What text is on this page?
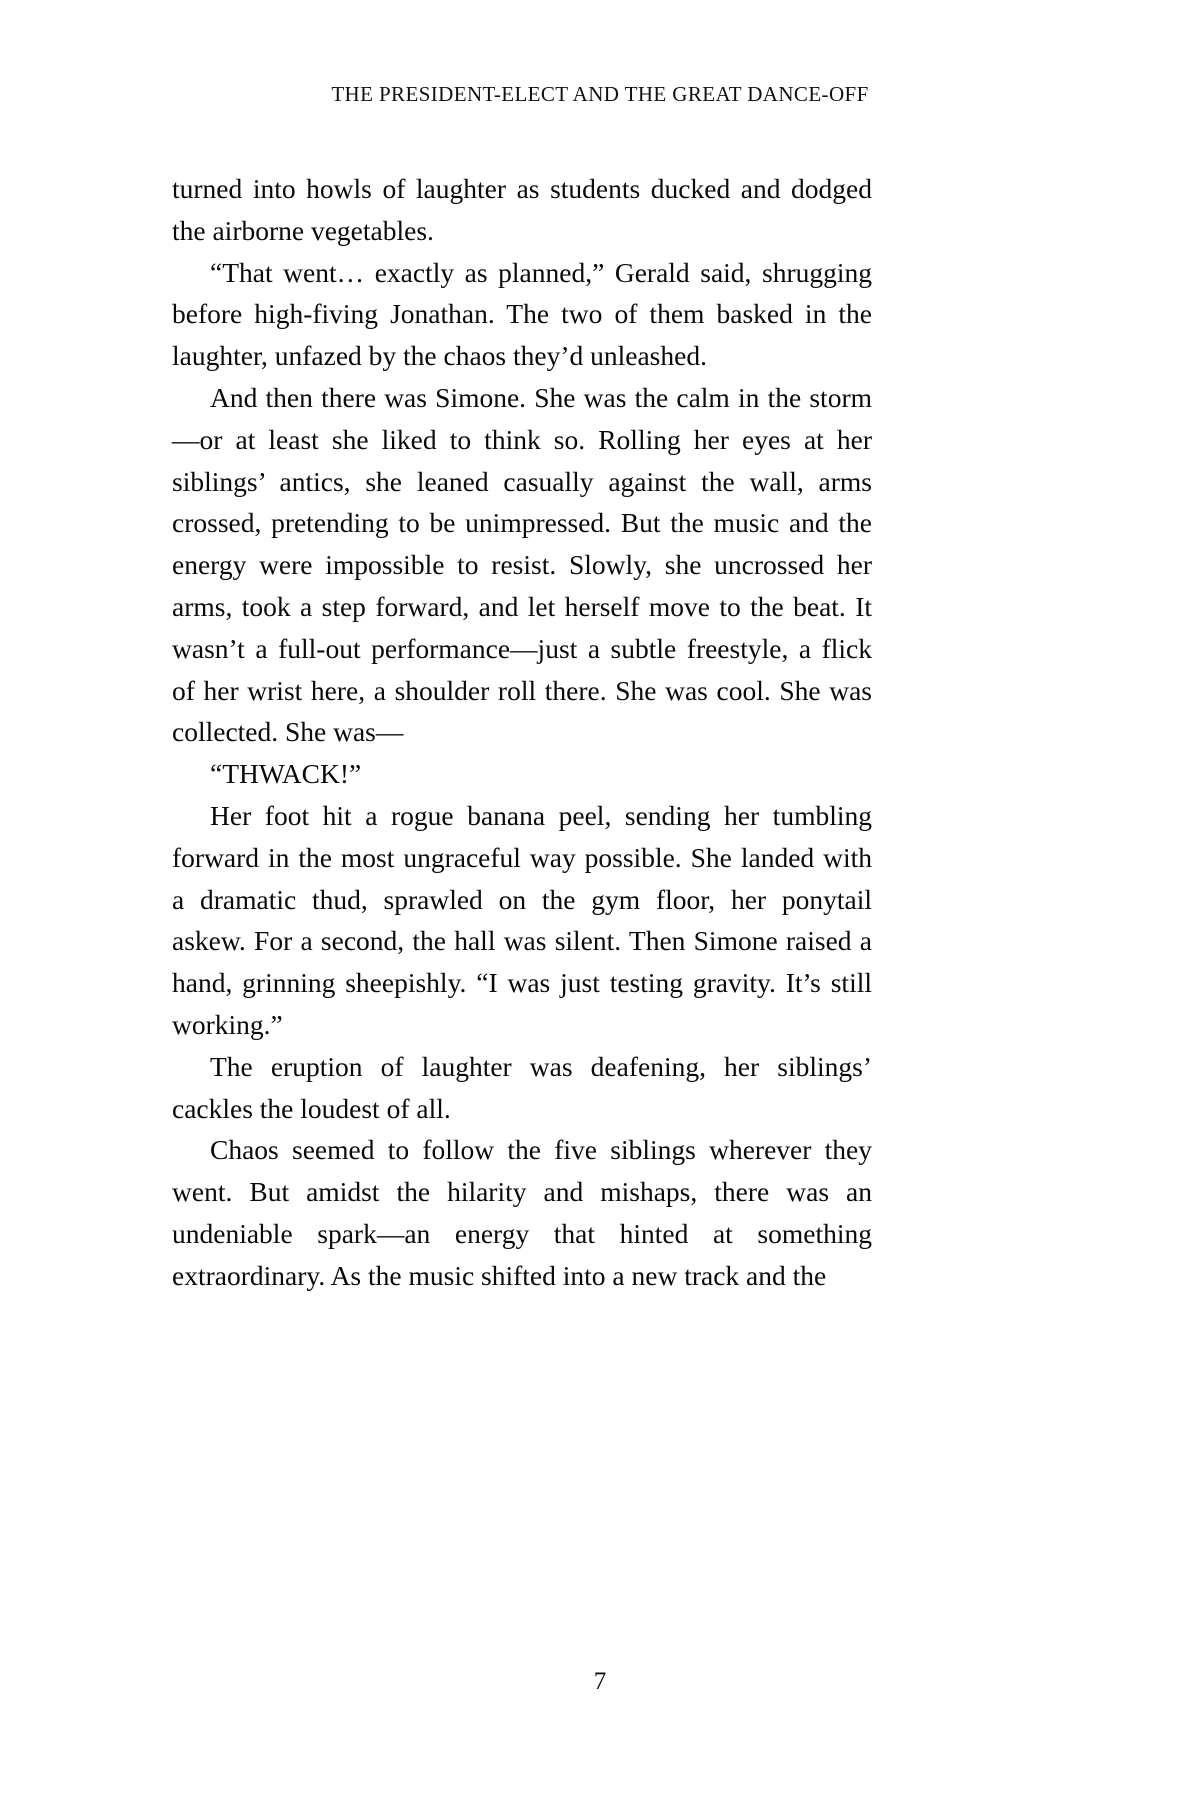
THE PRESIDENT-ELECT AND THE GREAT DANCE-OFF

turned into howls of laughter as students ducked and dodged the airborne vegetables.

“That went… exactly as planned,” Gerald said, shrugging before high-fiving Jonathan. The two of them basked in the laughter, unfazed by the chaos they’d unleashed.

And then there was Simone. She was the calm in the storm—or at least she liked to think so. Rolling her eyes at her siblings’ antics, she leaned casually against the wall, arms crossed, pretending to be unimpressed. But the music and the energy were impossible to resist. Slowly, she uncrossed her arms, took a step forward, and let herself move to the beat. It wasn’t a full-out performance—just a subtle freestyle, a flick of her wrist here, a shoulder roll there. She was cool. She was collected. She was—

“THWACK!”

Her foot hit a rogue banana peel, sending her tumbling forward in the most ungraceful way possible. She landed with a dramatic thud, sprawled on the gym floor, her ponytail askew. For a second, the hall was silent. Then Simone raised a hand, grinning sheepishly. “I was just testing gravity. It’s still working.”

The eruption of laughter was deafening, her siblings’ cackles the loudest of all.

Chaos seemed to follow the five siblings wherever they went. But amidst the hilarity and mishaps, there was an undeniable spark—an energy that hinted at something extraordinary. As the music shifted into a new track and the

7
